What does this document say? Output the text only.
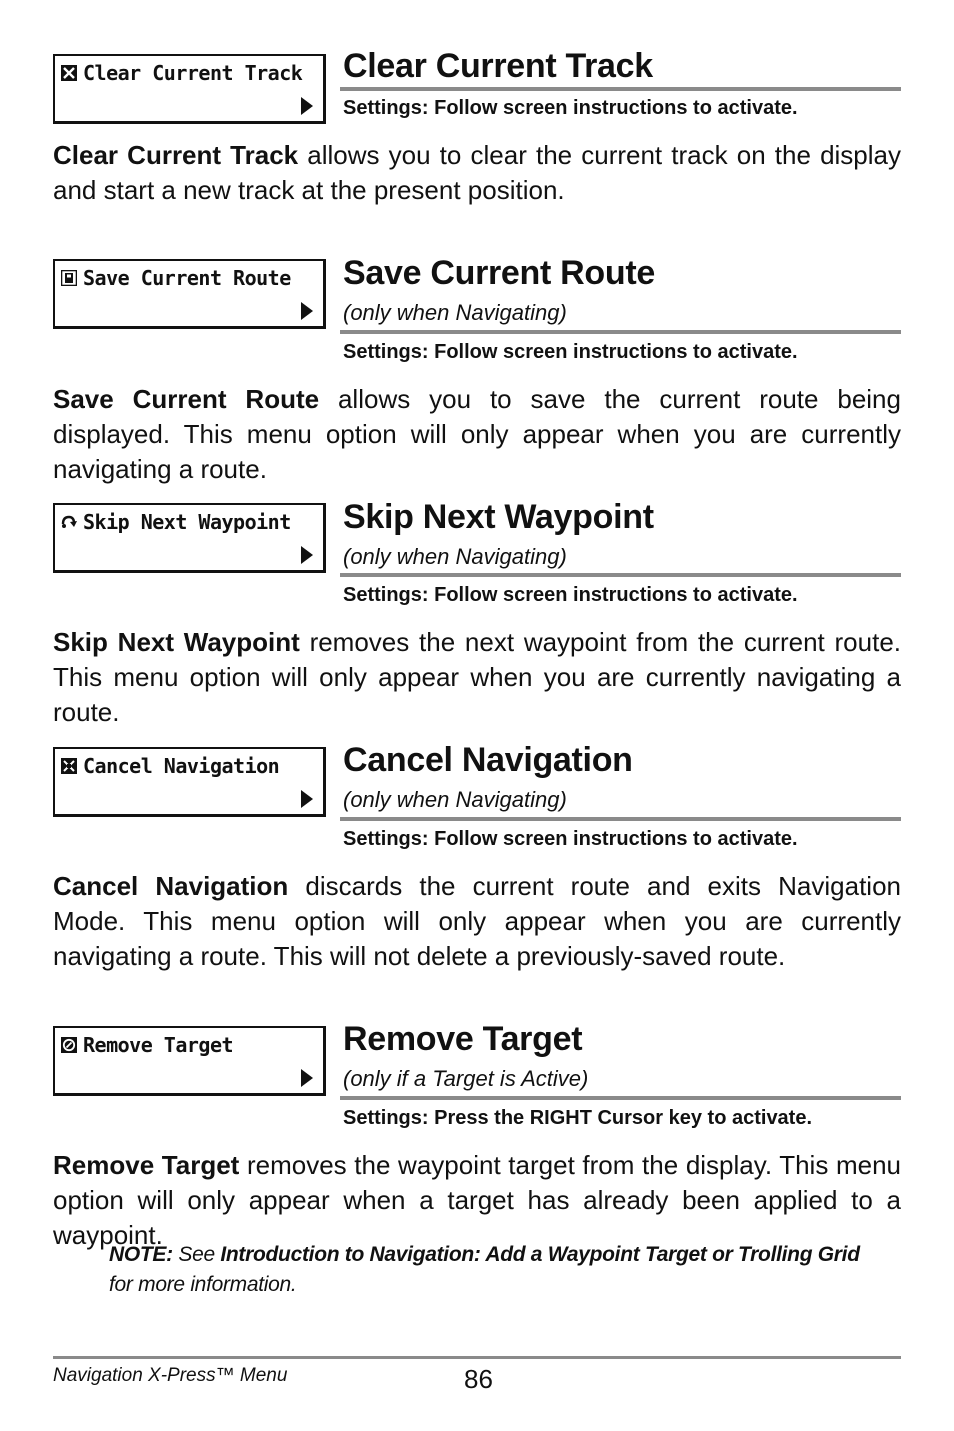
Clear Current Track Clear Current Track
Settings: Follow screen instructions to activate.

Clear Current Track allows you to clear the current track on the display and start a new track at the present position.

Save Current Route Save Current Route
(only when Navigating)
Settings: Follow screen instructions to activate.

Save Current Route allows you to save the current route being displayed. This menu option will only appear when you are currently navigating a route.

Skip Next Waypoint Skip Next Waypoint
(only when Navigating)
Settings: Follow screen instructions to activate.

Skip Next Waypoint removes the next waypoint from the current route. This menu option will only appear when you are currently navigating a route.

Cancel Navigation Cancel Navigation
(only when Navigating)
Settings: Follow screen instructions to activate.

Cancel Navigation discards the current route and exits Navigation Mode. This menu option will only appear when you are currently navigating a route. This will not delete a previously-saved route.

Remove Target	Remove Target
(only if a Target is Active)
Settings: Press the RIGHT Cursor key to activate.

Remove Target removes the waypoint target from the display. This menu option will only appear when a target has already been applied to a waypoint.

NOTE: See Introduction to Navigation: Add a Waypoint Target or Trolling Grid for more information.

Navigation X-Press™ Menu	86
